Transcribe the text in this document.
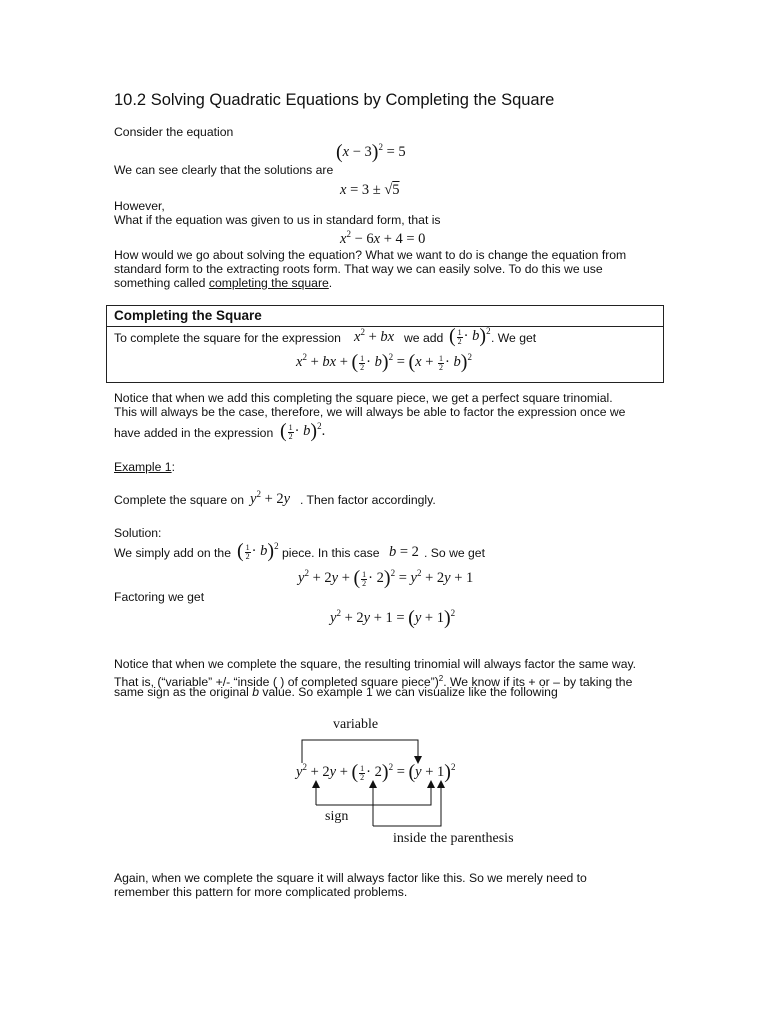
10.2 Solving Quadratic Equations by Completing the Square
Consider the equation
$(x - 3)^2 = 5$
We can see clearly that the solutions are
x = 3 ± √5
However,
What if the equation was given to us in standard form, that is
$x^2 - 6x + 4 = 0$
How would we go about solving the equation? What we want to do is change the equation from
standard form to the extracting roots form. That way we can easily solve. To do this we use
something called completing the square.
Completing the Square
To complete the square for the expression $x^2$ + bx we add ( $\frac{1}{2} \cdot b)^2$ . We get
$x^2$ + bx + ( $\frac{1}{2} \cdot b)^2 = (x + \frac{1}{2} \cdot b)^2$
Notice that when we add this completing the square piece, we get a perfect square trinomial.
This will always be the case, therefore, we will always be able to factor the expression once we
have added in the expression ( $\frac{1}{2} \cdot b)^2$.
Example 1:
Complete the square on $y^2 + 2y$ . Then factor accordingly.
Solution:
We simply add on the ( $\frac{1}{2} \cdot b)^2$ piece. In this case b = 2 . So we get
$y^2 + 2y$ + ( $\frac{1}{2} \cdot 2)^2 = y^2 + 2y + 1$
Factoring we get
$y^2 + 2y + 1 = (y + 1)^2$
Notice that when we complete the square, the resulting trinomial will always factor the same way.
That is, (“variable” +/- “inside ( ) of completed square piece”)$^2$. We know if its + or – by taking the
same sign as the original b value. So example 1 we can visualize like the following
variable
$y^2 + 2y$ + ( $\frac{1}{2} \cdot 2)^2 = (y + 1)^2$
sign
inside the parenthesis
Again, when we complete the square it will always factor like this. So we merely need to
remember this pattern for more complicated problems.
